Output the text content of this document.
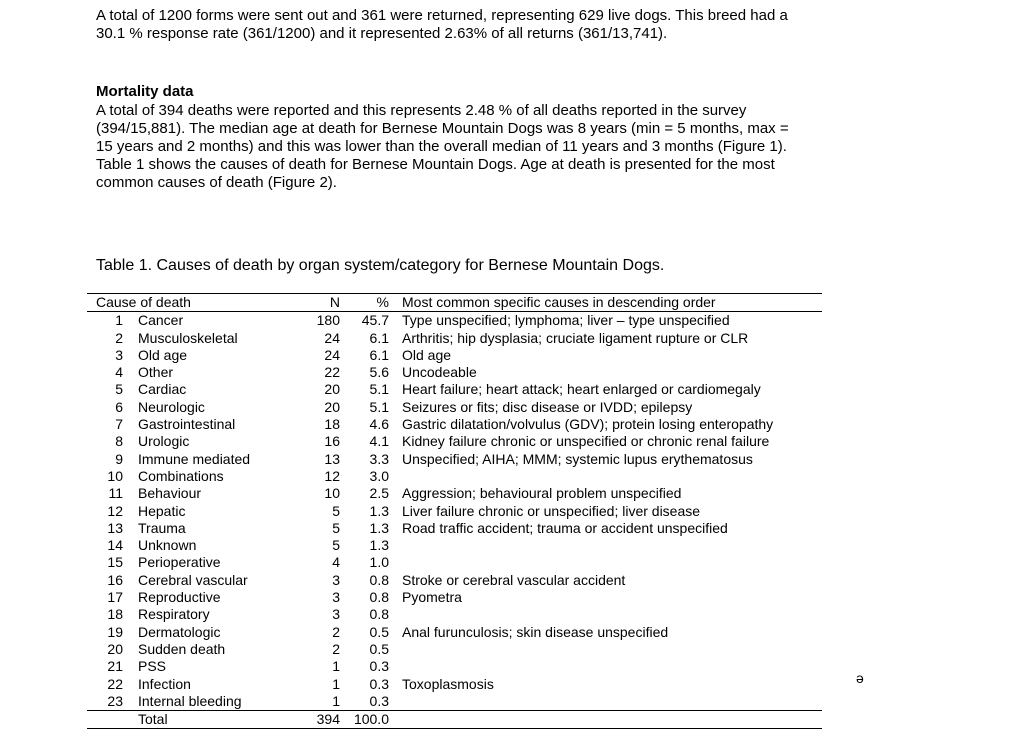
A total of 1200 forms were sent out and 361 were returned, representing 629 live dogs. This breed had a 30.1 % response rate (361/1200) and it represented 2.63% of all returns (361/13,741).

Mortality data

A total of 394 deaths were reported and this represents 2.48 % of all deaths reported in the survey (394/15,881). The median age at death for Bernese Mountain Dogs was 8 years (min = 5 months, max = 15 years and 2 months) and this was lower than the overall median of 11 years and 3 months (Figure 1). Table 1 shows the causes of death for Bernese Mountain Dogs. Age at death is presented for the most common causes of death (Figure 2).

Table 1. Causes of death by organ system/category for Bernese Mountain Dogs.

Cause of death		N	%	Most common specific causes in descending order
1	Cancer	180	45.7	Type unspecified; lymphoma; liver – type unspecified
2	Musculoskeletal	24	6.1	Arthritis; hip dysplasia; cruciate ligament rupture or CLR
3	Old age	24	6.1	Old age
4	Other	22	5.6	Uncodeable
5	Cardiac	20	5.1	Heart failure; heart attack; heart enlarged or cardiomegaly
6	Neurologic	20	5.1	Seizures or fits; disc disease or IVDD; epilepsy
7	Gastrointestinal	18	4.6	Gastric dilatation/volvulus (GDV); protein losing enteropathy
8	Urologic	16	4.1	Kidney failure chronic or unspecified or chronic renal failure
9	Immune mediated	13	3.3	Unspecified; AIHA; MMM; systemic lupus erythematosus
10	Combinations	12	3.0	
11	Behaviour	10	2.5	Aggression; behavioural problem unspecified
12	Hepatic	5	1.3	Liver failure chronic or unspecified; liver disease
13	Trauma	5	1.3	Road traffic accident; trauma or accident unspecified
14	Unknown	5	1.3	
15	Perioperative	4	1.0	
16	Cerebral vascular	3	0.8	Stroke or cerebral vascular accident
17	Reproductive	3	0.8	Pyometra
18	Respiratory	3	0.8	
19	Dermatologic	2	0.5	Anal furunculosis; skin disease unspecified
20	Sudden death	2	0.5	
21	PSS	1	0.3	
22	Infection	1	0.3	Toxoplasmosis
23	Internal bleeding	1	0.3	
	Total	394	100.0	
ə
